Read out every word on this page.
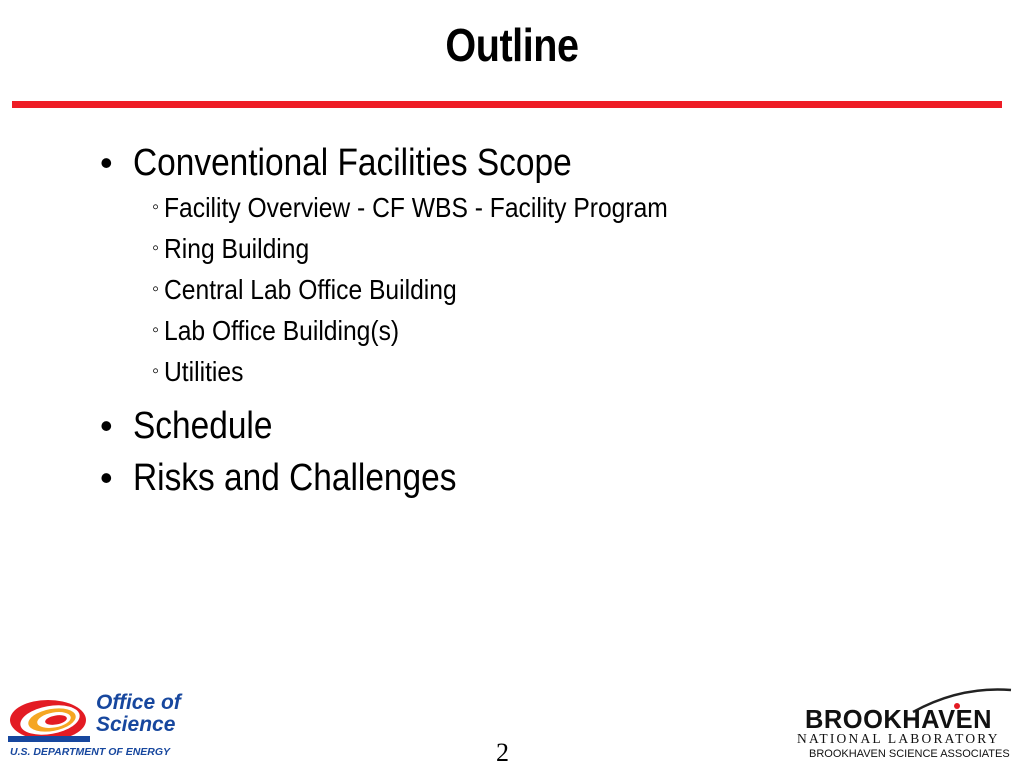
Outline
• Conventional Facilities Scope
◦ Facility Overview - CF WBS - Facility Program
◦ Ring Building
◦ Central Lab Office Building
◦ Lab Office Building(s)
◦ Utilities
• Schedule
• Risks and Challenges
Office of
Science
U.S. DEPARTMENT OF ENERGY	2
BROOKHAVEN
NATIONAL LABORATORY
BROOKHAVEN SCIENCE ASSOCIATES
